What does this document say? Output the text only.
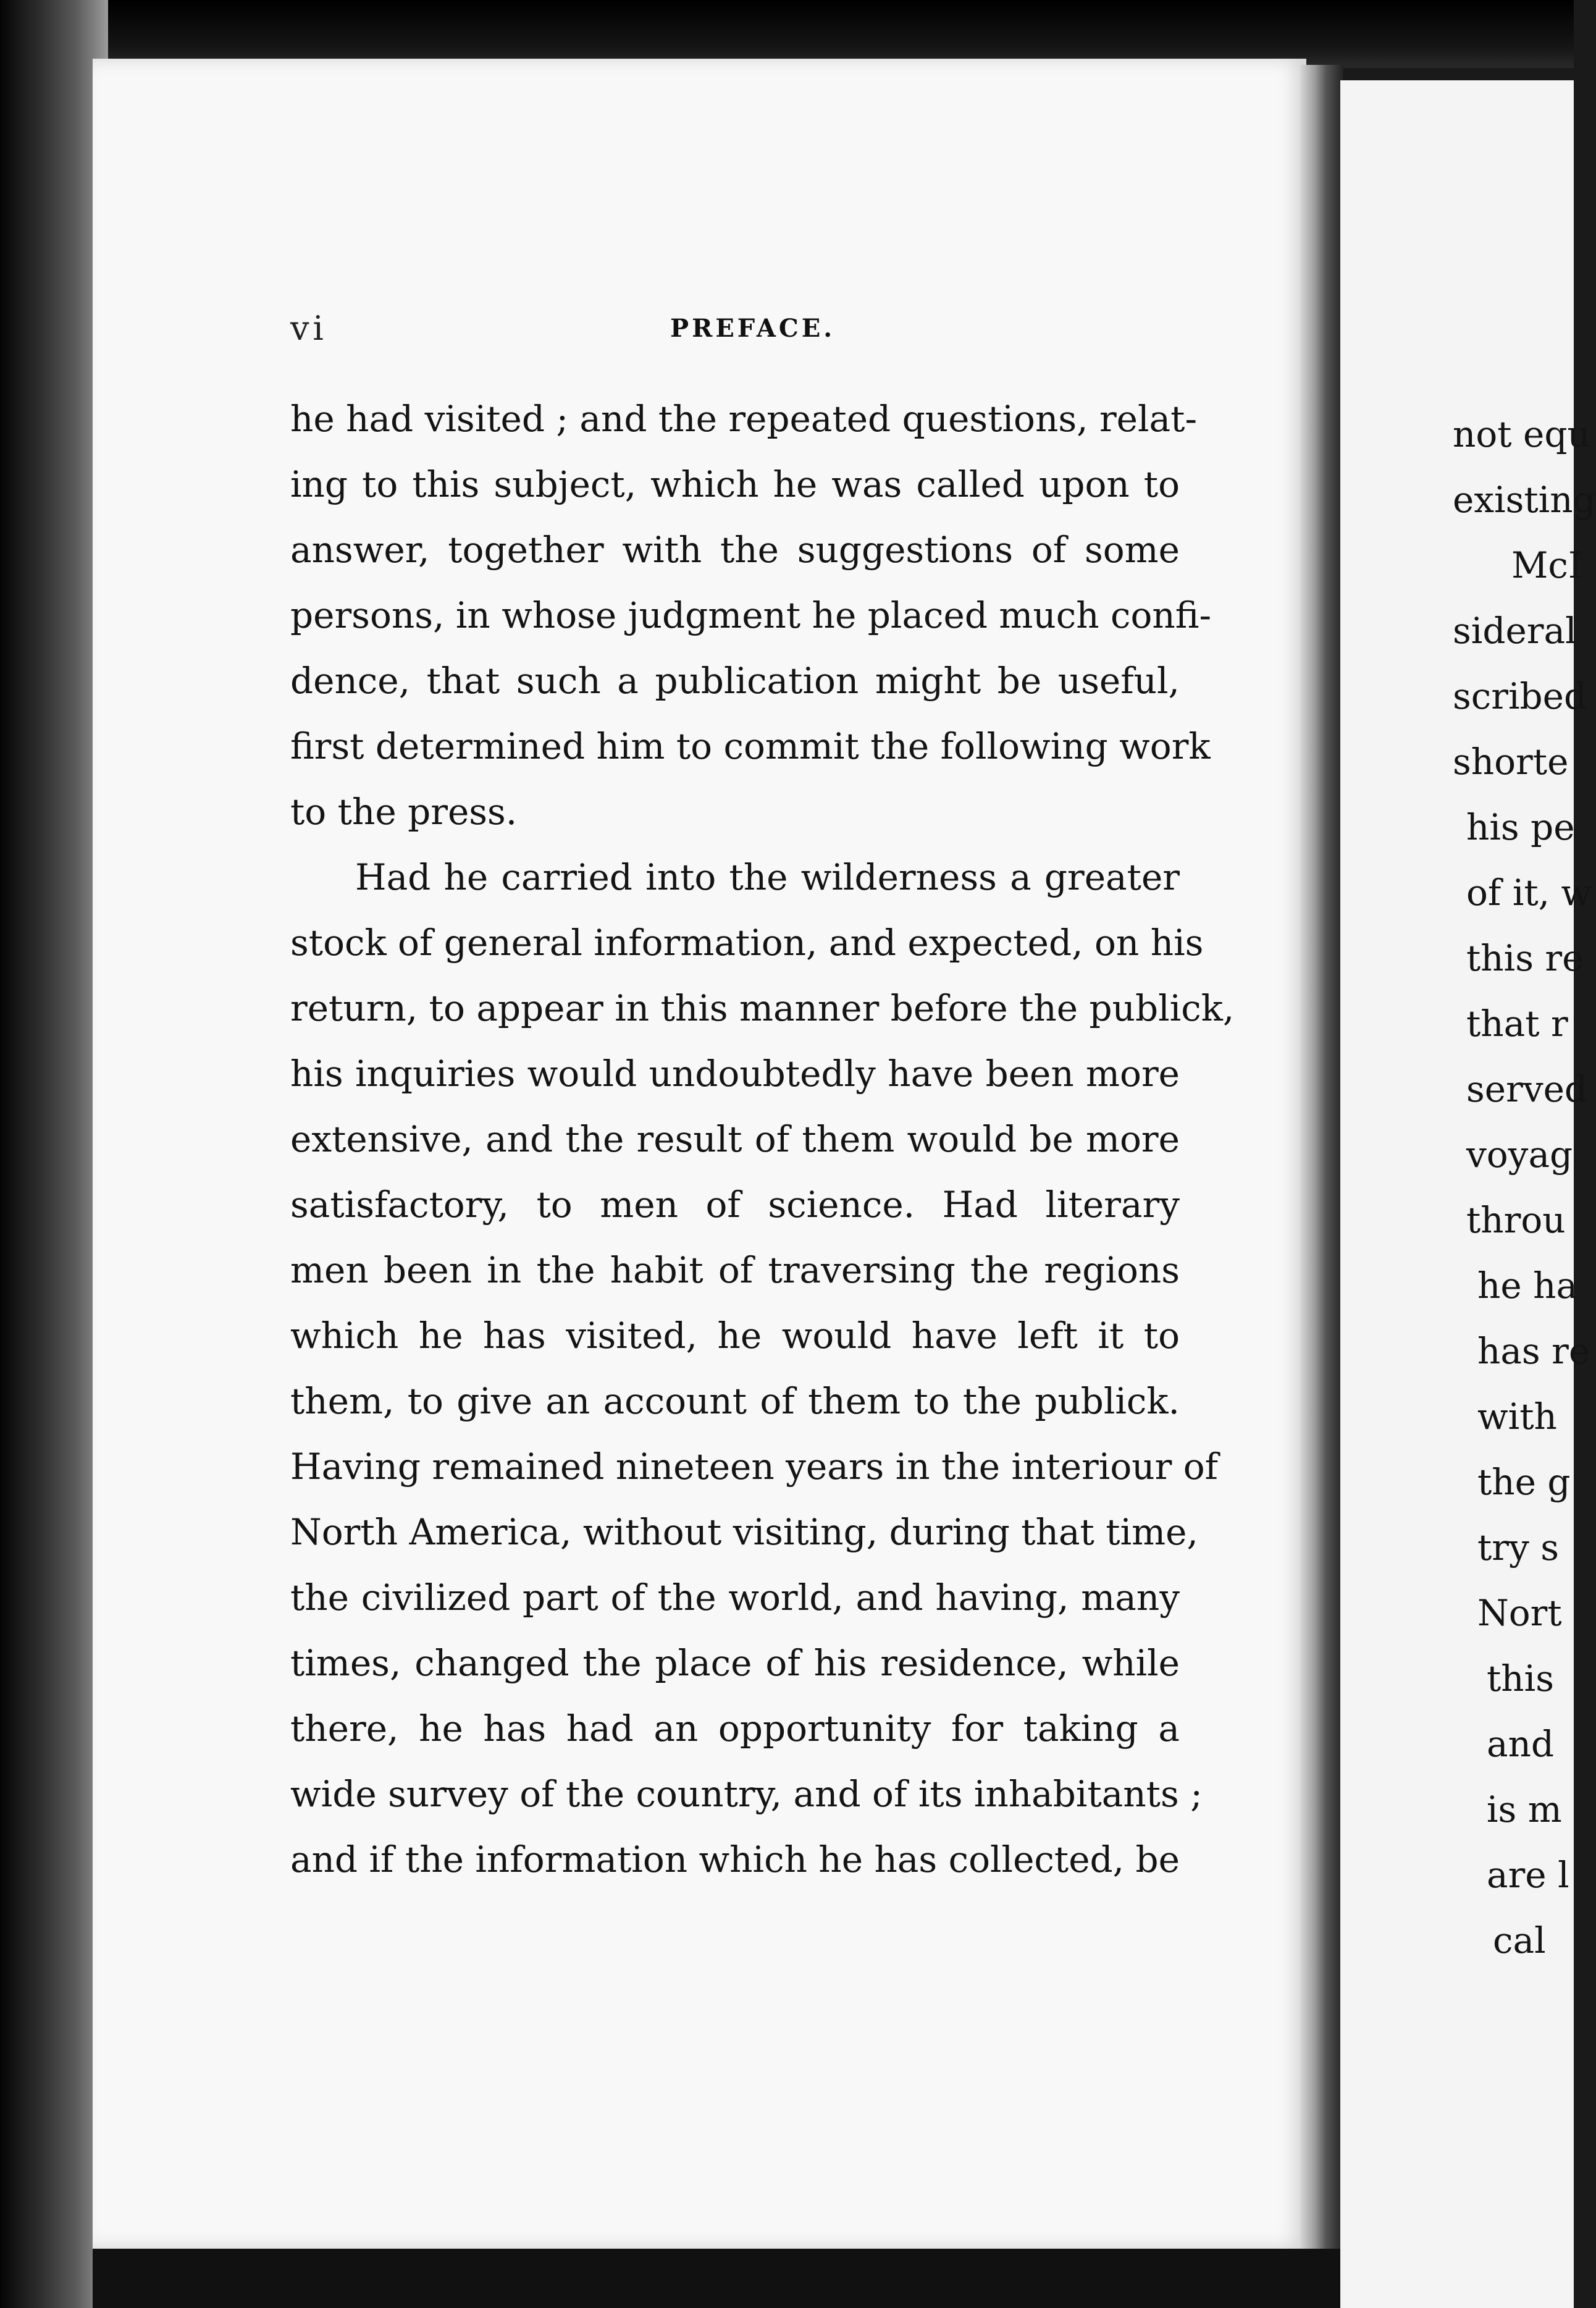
vi	PREFACE.
he had visited ; and the repeated questions, relat-
ing to this subject, which he was called upon to
answer, together with the suggestions of some
persons, in whose judgment he placed much confi-
dence, that such a publication might be useful,
first determined him to commit the following work
to the press.
Had he carried into the wilderness a greater
stock of general information, and expected, on his
return, to appear in this manner before the publick,
his inquiries would undoubtedly have been more
extensive, and the result of them would be more
satisfactory, to men of science. Had literary
men been in the habit of traversing the regions
which he has visited, he would have left it to
them, to give an account of them to the publick.
Having remained nineteen years in the interiour of
North America, without visiting, during that time,
the civilized part of the world, and having, many
times, changed the place of his residence, while
there, he has had an opportunity for taking a
wide survey of the country, and of its inhabitants ;
and if the information which he has collected, be
not equ
existing
McI
sideral
scribed
shorte
his pe
of it, w
this re
that r
served
voyag
throu
he ha
has re
with
the g
try s
Nort
this
and
is m
are l
cal
